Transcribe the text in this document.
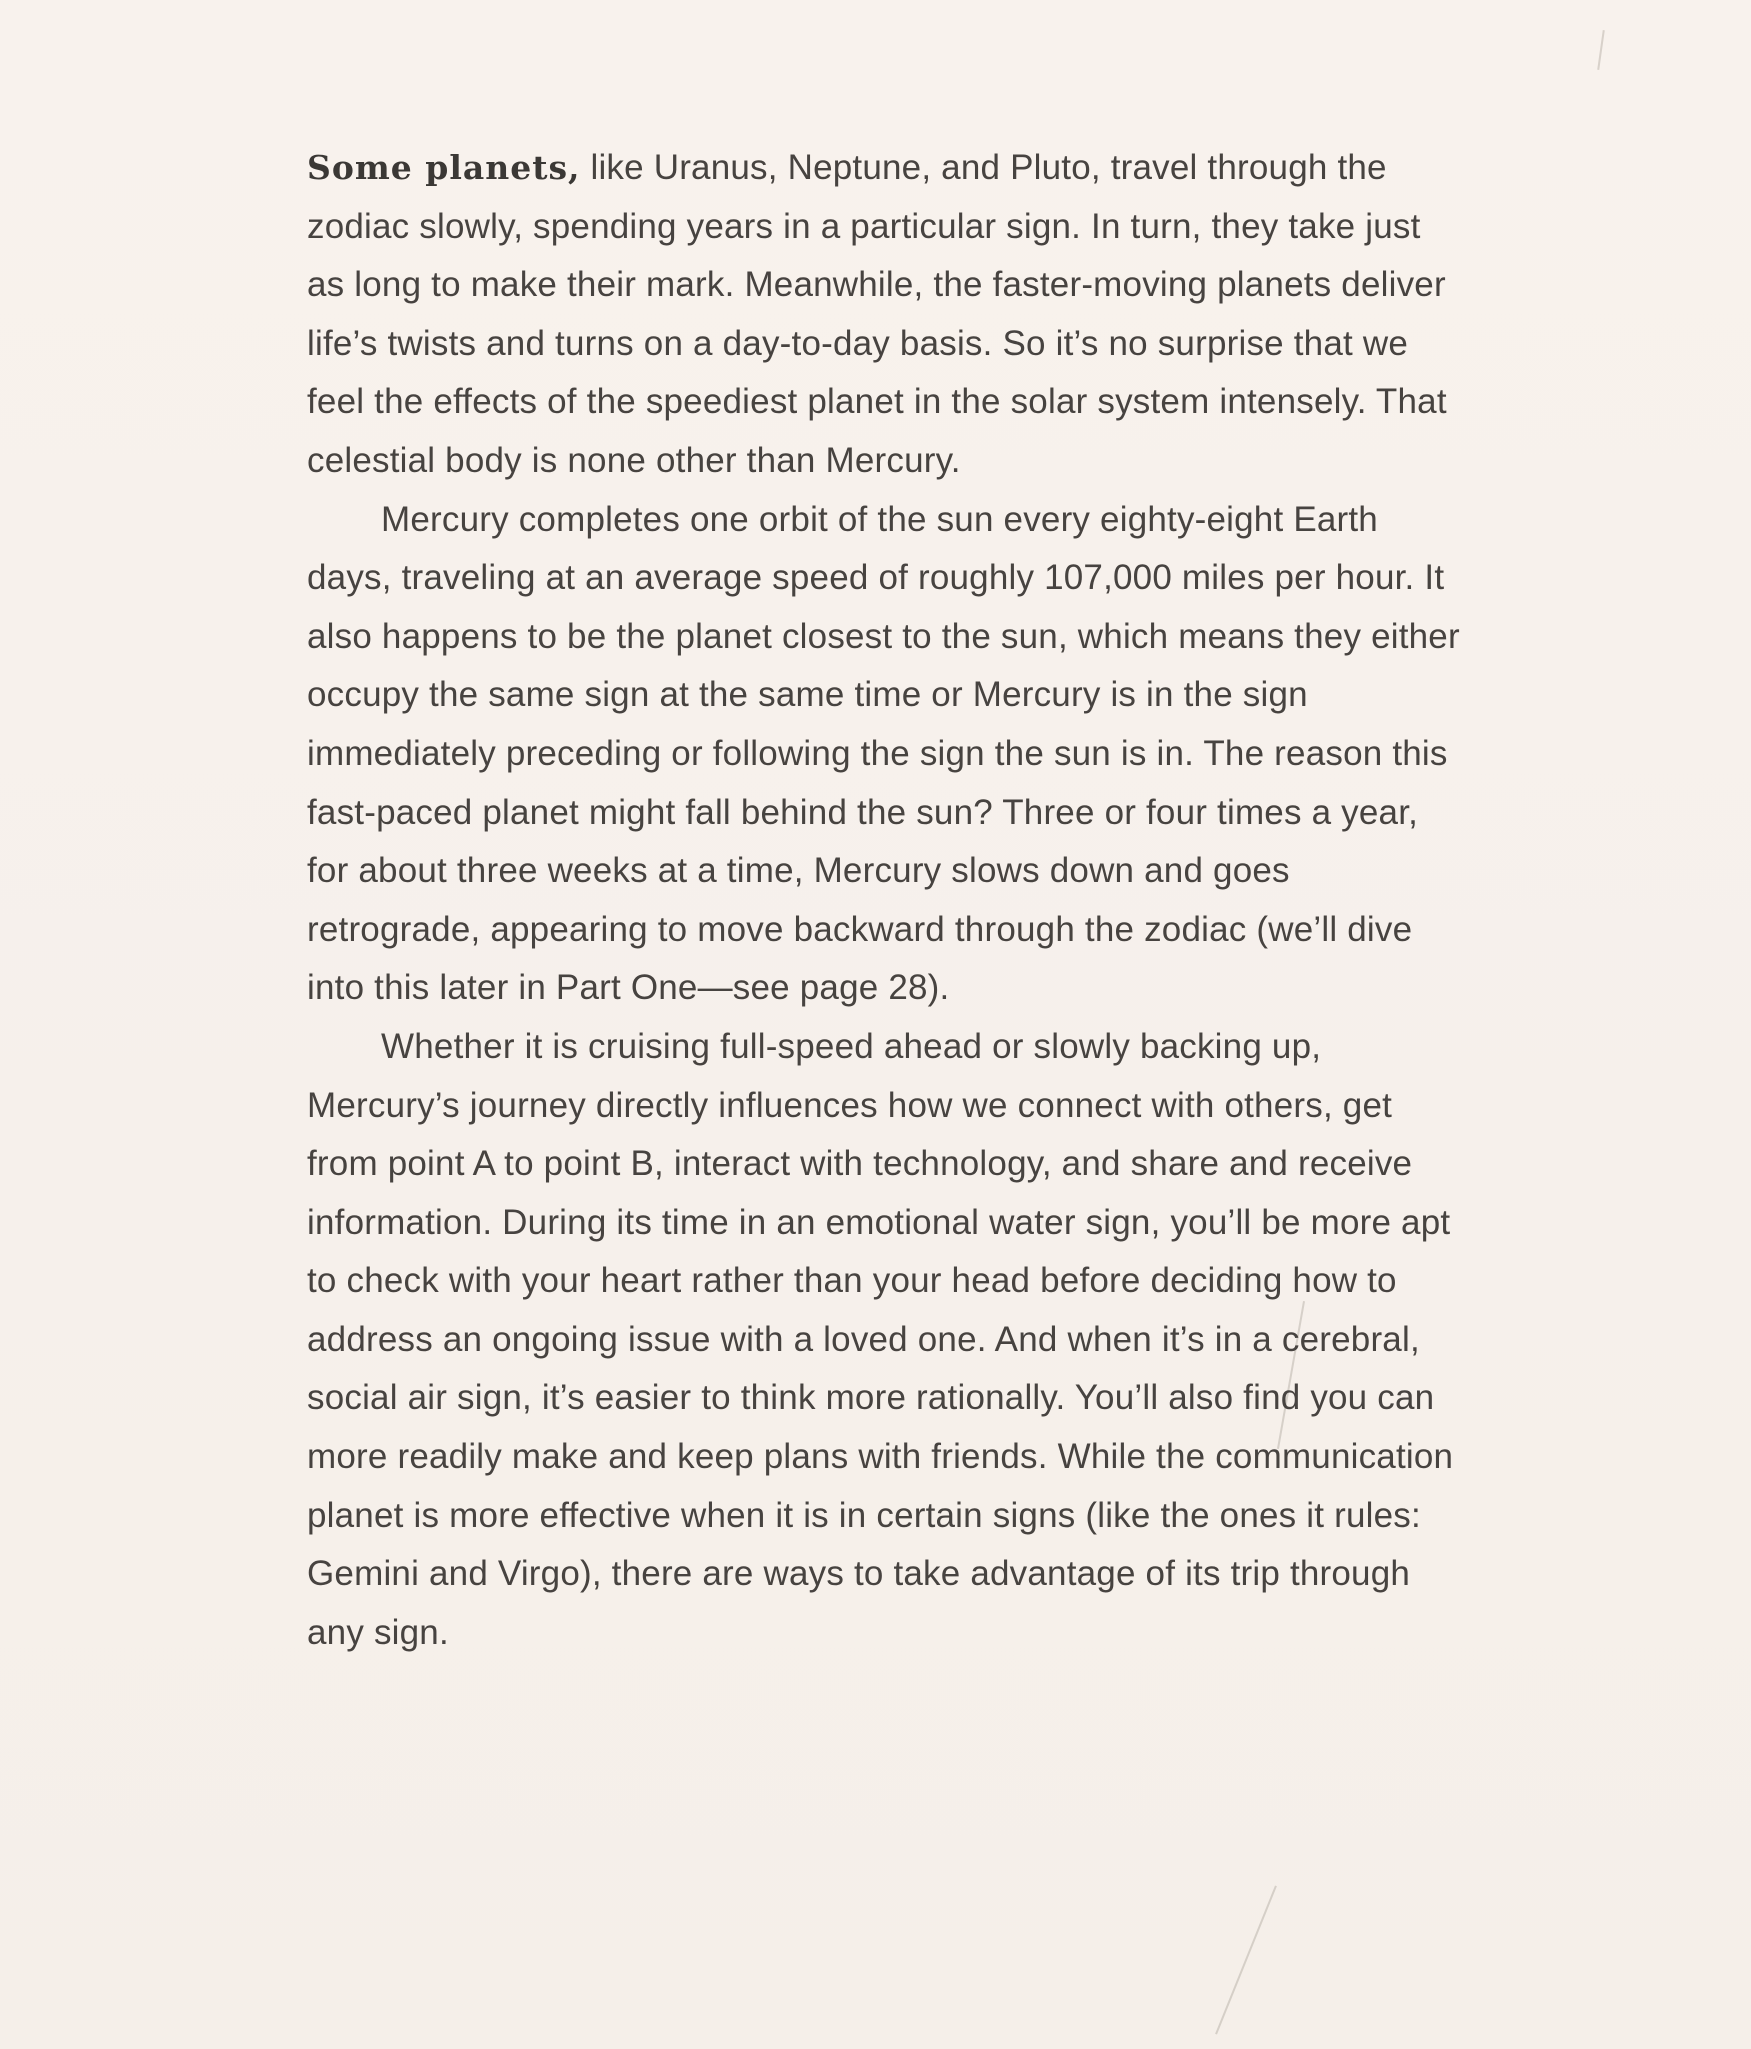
Some planets, like Uranus, Neptune, and Pluto, travel through the zodiac slowly, spending years in a particular sign. In turn, they take just as long to make their mark. Meanwhile, the faster-moving planets deliver life’s twists and turns on a day-to-day basis. So it’s no surprise that we feel the effects of the speediest planet in the solar system intensely. That celestial body is none other than Mercury.

Mercury completes one orbit of the sun every eighty-eight Earth days, traveling at an average speed of roughly 107,000 miles per hour. It also happens to be the planet closest to the sun, which means they either occupy the same sign at the same time or Mercury is in the sign immediately preceding or following the sign the sun is in. The reason this fast-paced planet might fall behind the sun? Three or four times a year, for about three weeks at a time, Mercury slows down and goes retrograde, appearing to move backward through the zodiac (we’ll dive into this later in Part One—see page 28).

Whether it is cruising full-speed ahead or slowly backing up, Mercury’s journey directly influences how we connect with others, get from point A to point B, interact with technology, and share and receive information. During its time in an emotional water sign, you’ll be more apt to check with your heart rather than your head before deciding how to address an ongoing issue with a loved one. And when it’s in a cerebral, social air sign, it’s easier to think more rationally. You’ll also find you can more readily make and keep plans with friends. While the communication planet is more effective when it is in certain signs (like the ones it rules: Gemini and Virgo), there are ways to take advantage of its trip through any sign.
